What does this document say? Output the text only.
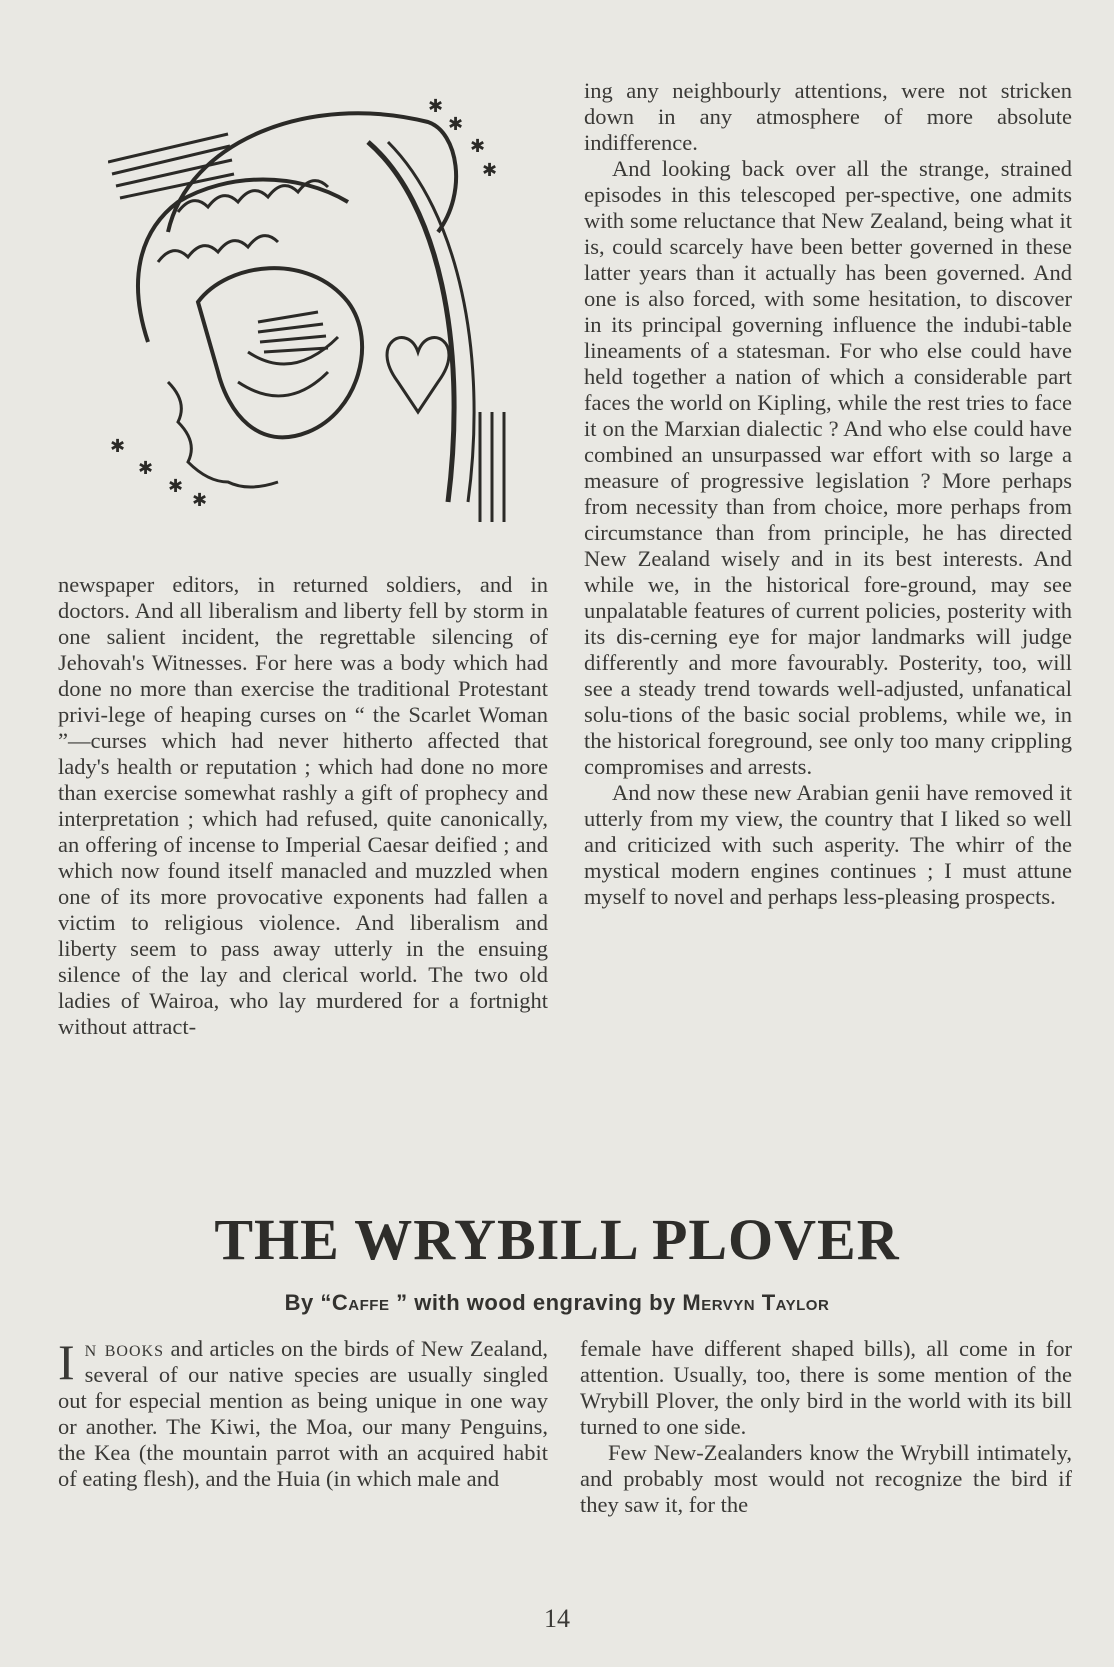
✱
✱
✱
✱
✱
✱
✱
✱

newspaper editors, in returned soldiers, and in doctors. And all liberalism and liberty fell by storm in one salient incident, the regrettable silencing of Jehovah's Witnesses. For here was a body which had done no more than exercise the traditional Protestant privi-lege of heaping curses on “ the Scarlet Woman ”—curses which had never hitherto affected that lady's health or reputation ; which had done no more than exercise somewhat rashly a gift of prophecy and interpretation ; which had refused, quite canonically, an offering of incense to Imperial Caesar deified ; and which now found itself manacled and muzzled when one of its more provocative exponents had fallen a victim to religious violence. And liberalism and liberty seem to pass away utterly in the ensuing silence of the lay and clerical world. The two old ladies of Wairoa, who lay murdered for a fortnight without attract-

ing any neighbourly attentions, were not stricken down in any atmosphere of more absolute indifference.

And looking back over all the strange, strained episodes in this telescoped per-spective, one admits with some reluctance that New Zealand, being what it is, could scarcely have been better governed in these latter years than it actually has been governed. And one is also forced, with some hesitation, to discover in its principal governing influence the indubi-table lineaments of a statesman. For who else could have held together a nation of which a considerable part faces the world on Kipling, while the rest tries to face it on the Marxian dialectic ? And who else could have combined an unsurpassed war effort with so large a measure of progressive legislation ? More perhaps from necessity than from choice, more perhaps from circumstance than from principle, he has directed New Zealand wisely and in its best interests. And while we, in the historical fore-ground, may see unpalatable features of current policies, posterity with its dis-cerning eye for major landmarks will judge differently and more favourably. Posterity, too, will see a steady trend towards well-adjusted, unfanatical solu-tions of the basic social problems, while we, in the historical foreground, see only too many crippling compromises and arrests.

And now these new Arabian genii have removed it utterly from my view, the country that I liked so well and criticized with such asperity. The whirr of the mystical modern engines continues ; I must attune myself to novel and perhaps less-pleasing prospects.

THE WRYBILL PLOVER
By “Caffe ” with wood engraving by Mervyn Taylor

In books and articles on the birds of New Zealand, several of our native species are usually singled out for especial mention as being unique in one way or another. The Kiwi, the Moa, our many Penguins, the Kea (the mountain parrot with an acquired habit of eating flesh), and the Huia (in which male and

female have different shaped bills), all come in for attention. Usually, too, there is some mention of the Wrybill Plover, the only bird in the world with its bill turned to one side.

Few New-Zealanders know the Wrybill intimately, and probably most would not recognize the bird if they saw it, for the

14
